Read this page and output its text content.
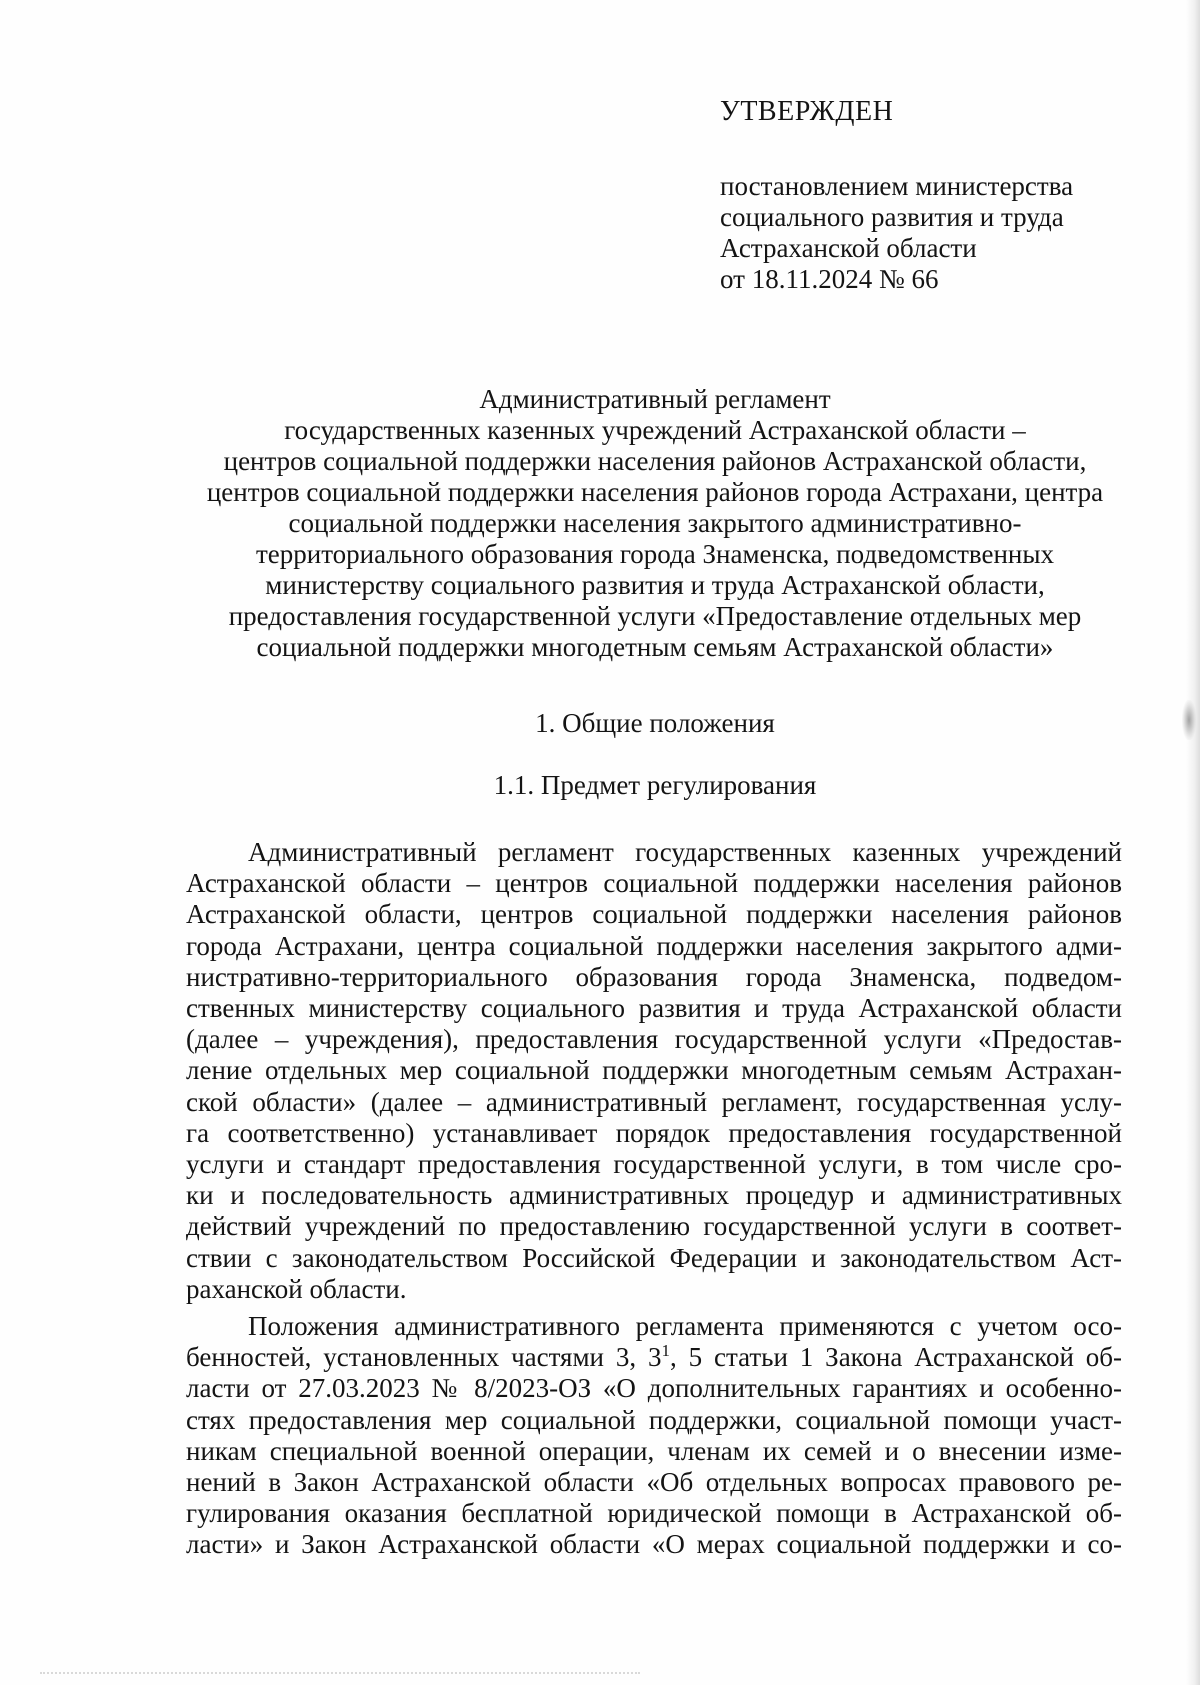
УТВЕРЖДЕН
постановлением министерства
социального развития и труда
Астраханской области
от 18.11.2024 № 66
Административный регламент
государственных казенных учреждений Астраханской области –
центров социальной поддержки населения районов Астраханской области,
центров социальной поддержки населения районов города Астрахани, центра
социальной поддержки населения закрытого административно-
территориального образования города Знаменска, подведомственных
министерству социального развития и труда Астраханской области,
предоставления государственной услуги «Предоставление отдельных мер
социальной поддержки многодетным семьям Астраханской области»
1. Общие положения
1.1. Предмет регулирования
Административный регламент государственных казенных учреждений
Астраханской области – центров социальной поддержки населения районов
Астраханской области, центров социальной поддержки населения районов
города Астрахани, центра социальной поддержки населения закрытого адми-
нистративно-территориального образования города Знаменска, подведом-
ственных министерству социального развития и труда Астраханской области
(далее – учреждения), предоставления государственной услуги «Предостав-
ление отдельных мер социальной поддержки многодетным семьям Астрахан-
ской области» (далее – административный регламент, государственная услу-
га соответственно) устанавливает порядок предоставления государственной
услуги и стандарт предоставления государственной услуги, в том числе сро-
ки и последовательность административных процедур и административных
действий учреждений по предоставлению государственной услуги в соответ-
ствии с законодательством Российской Федерации и законодательством Аст-
раханской области.
Положения административного регламента применяются с учетом осо-
бенностей, установленных частями 3, $3^1$, 5 статьи 1 Закона Астраханской об-
ласти от 27.03.2023 № 8/2023-ОЗ «О дополнительных гарантиях и особенно-
стях предоставления мер социальной поддержки, социальной помощи участ-
никам специальной военной операции, членам их семей и о внесении изме-
нений в Закон Астраханской области «Об отдельных вопросах правового ре-
гулирования оказания бесплатной юридической помощи в Астраханской об-
ласти» и Закон Астраханской области «О мерах социальной поддержки и со-
